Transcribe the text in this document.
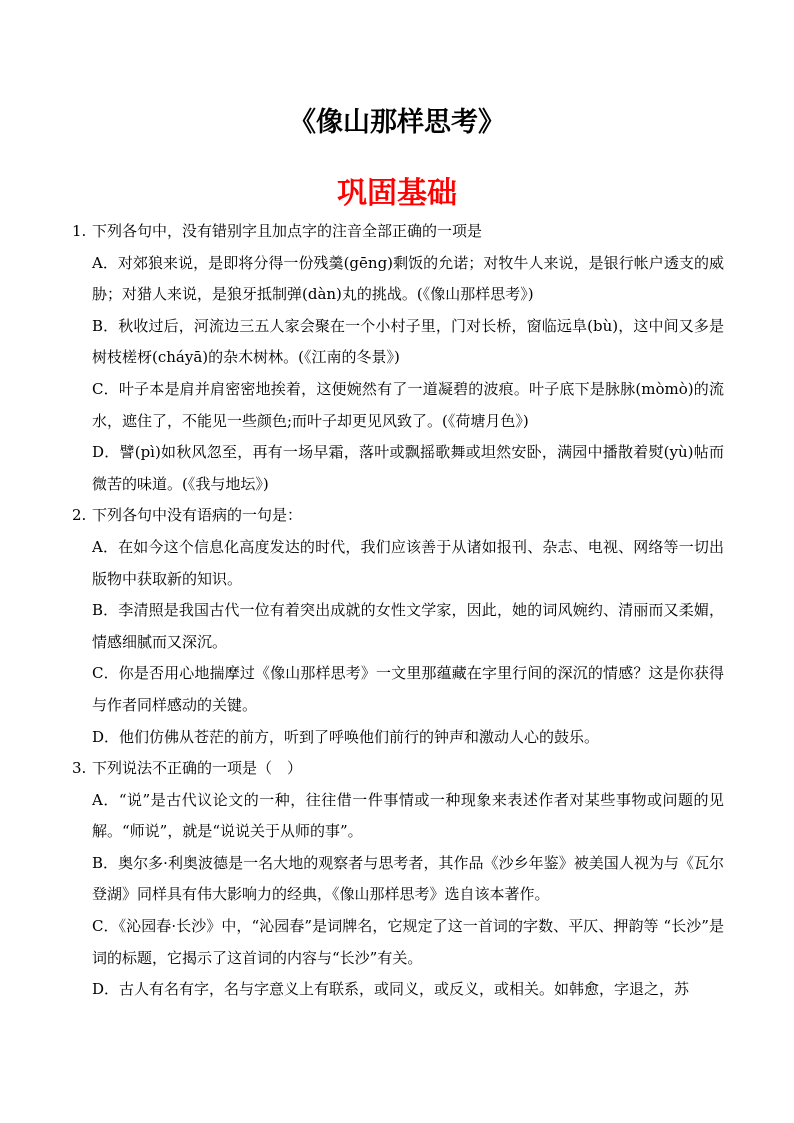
《像山那样思考》
巩固基础
1. 下列各句中，没有错别字且加点字的注音全部正确的一项是
A．对郊狼来说，是即将分得一份残羹(gēng)剩饭的允诺；对牧牛人来说，是银行帐户透支的威胁；对猎人来说，是狼牙抵制弹(dàn)丸的挑战。(《像山那样思考》)
B．秋收过后，河流边三五人家会聚在一个小村子里，门对长桥，窗临远阜(bù)，这中间又多是树枝槎枒(cháyā)的杂木树林。(《江南的冬景》)
C．叶子本是肩并肩密密地挨着，这便婉然有了一道凝碧的波痕。叶子底下是脉脉(mòmò)的流水，遮住了，不能见一些颜色;而叶子却更见风致了。(《荷塘月色》)
D．譬(pì)如秋风忽至，再有一场早霜，落叶或飘摇歌舞或坦然安卧，满园中播散着熨(yù)帖而微苦的味道。(《我与地坛》)
2. 下列各句中没有语病的一句是：
A．在如今这个信息化高度发达的时代，我们应该善于从诸如报刊、杂志、电视、网络等一切出版物中获取新的知识。
B．李清照是我国古代一位有着突出成就的女性文学家，因此，她的词风婉约、清丽而又柔媚，情感细腻而又深沉。
C．你是否用心地揣摩过《像山那样思考》一文里那蕴藏在字里行间的深沉的情感？这是你获得与作者同样感动的关键。
D．他们仿佛从苍茫的前方，听到了呼唤他们前行的钟声和激动人心的鼓乐。
3. 下列说法不正确的一项是（　）
A．“说”是古代议论文的一种，往往借一件事情或一种现象来表述作者对某些事物或问题的见解。“师说”，就是“说说关于从师的事”。
B．奥尔多·利奥波德是一名大地的观察者与思考者，其作品《沙乡年鉴》被美国人视为与《瓦尔登湖》同样具有伟大影响力的经典，《像山那样思考》选自该本著作。
C．《沁园春·长沙》中，“沁园春”是词牌名，它规定了这一首词的字数、平仄、押韵等 “长沙”是词的标题，它揭示了这首词的内容与“长沙”有关。
D．古人有名有字，名与字意义上有联系，或同义，或反义，或相关。如韩愈，字退之，苏
